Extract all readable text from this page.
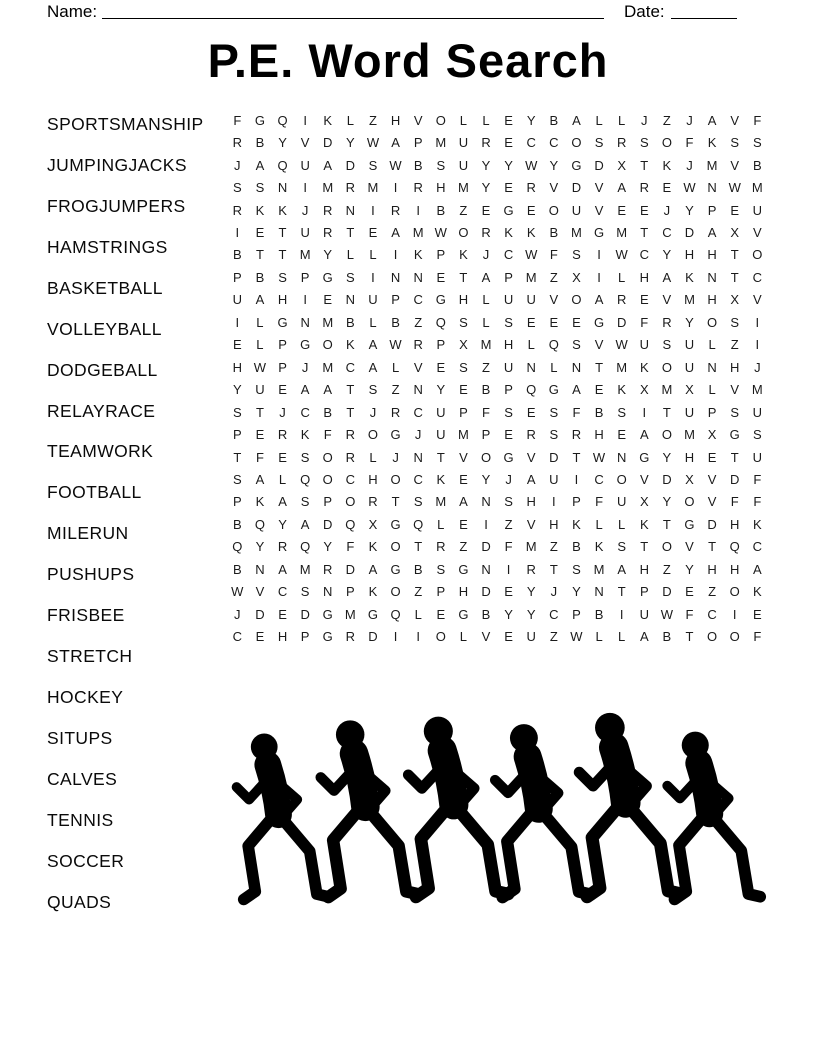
Name:	Date:
P.E. Word Search
SPORTSMANSHIP
JUMPINGJACKS
FROGJUMPERS
HAMSTRINGS
BASKETBALL
VOLLEYBALL
DODGEBALL
RELAYRACE
TEAMWORK
FOOTBALL
MILERUN
PUSHUPS
FRISBEE
STRETCH
HOCKEY
SITUPS
CALVES
TENNIS
SOCCER
QUADS
F	G Q	I	K	L	Z	H	V	O	L	L	E	Y	B	A	L	L	J	Z	J	A	V	F
R	B	Y	V	D	Y W A	P M U	R	E	C	C O	S	R	S	O	F	K	S	S
J	A	Q U	A	D	S W B	S	U	Y	Y W Y	G D	X	T	K	J	M V	B
S	S	N	I	M R M	I	R	H M Y	E	R	V	D	V	A	R	E W N W M
R	K	K	J	R	N	I	R	I	B	Z	E	G	E	O U	V	E	E	J	Y	P	E	U
I	E	T	U	R	T	E	A M W O R	K	K	B M G M	T	C	D	A	X	V
B	T	T	M Y	L	L	I	K	P	K	J	C W F	S	I	W C	Y	H	H	T	O
P	B	S	P	G	S	I	N	N	E	T	A	P M	Z	X	I	L	H	A	K	N	T	C
U	A	H	I	E	N	U	P	C G H	L	U	U	V	O	A	R	E	V M H	X	V
I	L	G N M B	L	B	Z	Q	S	L	S	E	E	E	G D	F	R	Y	O	S	I
E	L	P	G O	K	A W R	P	X M H	L	Q	S	V W U	S	U	L	Z	I
H W P	J	M C	A	L	V	E	S	Z	U	N	L	N	T	M K	O U	N	H	J
Y	U	E	A	A	T	S	Z	N	Y	E	B	P	Q G	A	E	K	X M X	L	V M
S	T	J	C	B	T	J	R	C	U	P	F	S	E	S	F	B	S	I	T	U	P	S	U
P	E	R	K	F	R O G	J	U M P	E	R	S	R	H	E	A	O M X	G	S
T	F	E	S	O R	L	J	N	T	V	O G	V	D	T W N G	Y	H	E	T	U
S	A	L	Q O C	H O C	K	E	Y	J	A	U	I	C O	V	D	X	V	D	F
P	K	A	S	P	O R	T	S M A	N	S	H	I	P	F	U	X	Y	O	V	F	F
B	Q	Y	A	D Q	X	G Q	L	E	I	Z	V	H	K	L	L	K	T	G D	H	K
Q	Y	R Q	Y	F	K	O	T	R	Z	D	F	M	Z	B	K	S	T	O	V	T	Q C
B	N	A M R	D	A	G	B	S	G N	I	R	T	S M A	H	Z	Y	H	H	A
W V	C	S	N	P	K	O	Z	P	H	D	E	Y	J	Y	N	T	P	D	E	Z	O	K
J	D	E	D G M G Q	L	E	G	B	Y	Y	C	P	B	I	U W F	C	I	E
C	E	H	P	G R	D	I	I	O	L	V	E	U	Z W L	L	A	B	T	O O	F
